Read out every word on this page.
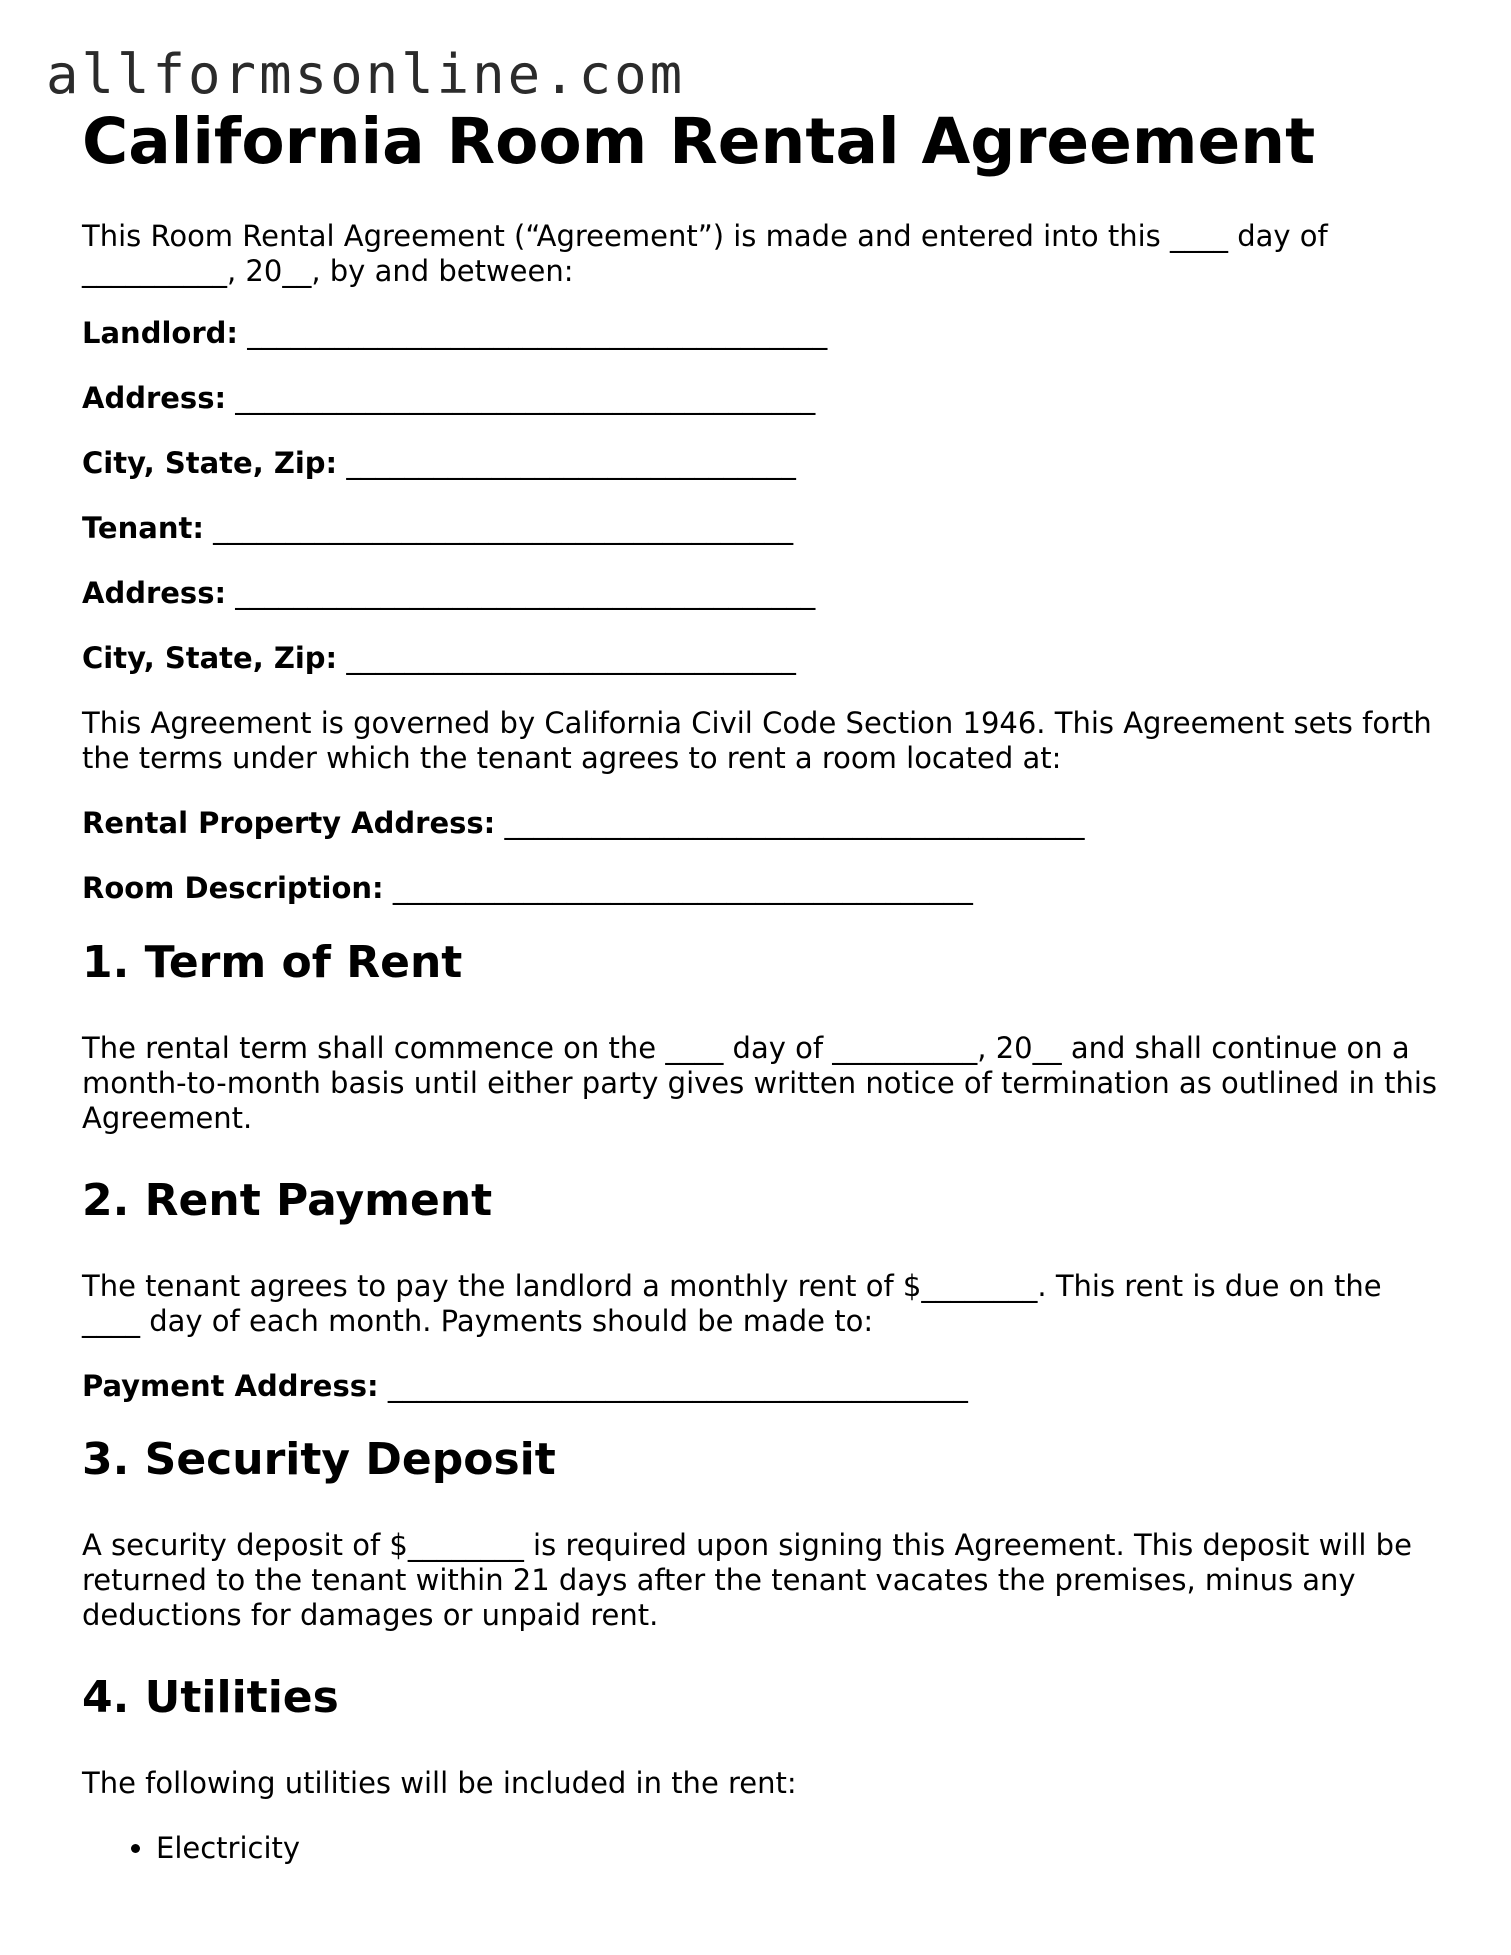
allformsonline.com
California Room Rental Agreement

This Room Rental Agreement (“Agreement”) is made and entered into this ____ day of __________, 20__, by and between:

Landlord: ________________________________________
Address: ________________________________________
City, State, Zip: _______________________________
Tenant: ________________________________________
Address: ________________________________________
City, State, Zip: _______________________________

This Agreement is governed by California Civil Code Section 1946. This Agreement sets forth the terms under which the tenant agrees to rent a room located at:

Rental Property Address: ________________________________________
Room Description: ________________________________________
1. Term of Rent

The rental term shall commence on the ____ day of __________, 20__ and shall continue on a month-to-month basis until either party gives written notice of termination as outlined in this Agreement.

2. Rent Payment

The tenant agrees to pay the landlord a monthly rent of $________. This rent is due on the ____ day of each month. Payments should be made to:

Payment Address: ________________________________________
3. Security Deposit

A security deposit of $________ is required upon signing this Agreement. This deposit will be returned to the tenant within 21 days after the tenant vacates the premises, minus any deductions for damages or unpaid rent.

4. Utilities

The following utilities will be included in the rent:

• Electricity
